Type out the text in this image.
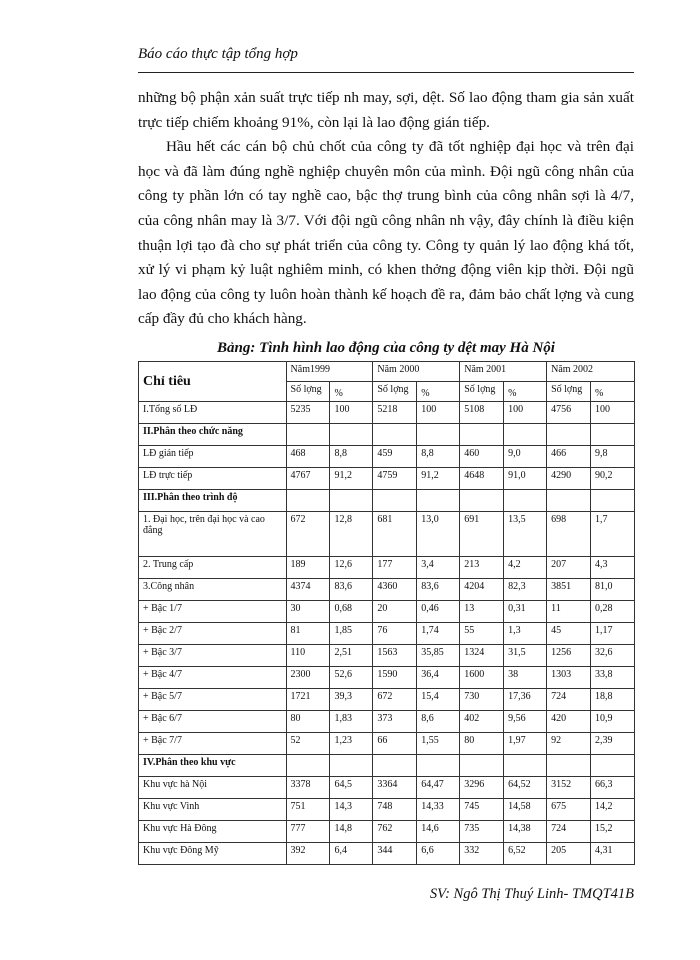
Báo cáo thực tập tổng hợp

những bộ phận xản suất trực tiếp nh may, sợi, dệt. Số lao động tham gia sản xuất trực tiếp chiếm khoảng 91%, còn lại là lao động gián tiếp.

Hầu hết các cán bộ chủ chốt của công ty đã tốt nghiệp đại học và trên đại học và đã làm đúng nghề nghiệp chuyên môn của mình. Đội ngũ công nhân của công ty phần lớn có tay nghề cao, bậc thợ trung bình của công nhân sợi là 4/7, của công nhân may là 3/7. Với đội ngũ công nhân nh vậy, đây chính là điều kiện thuận lợi tạo đà cho sự phát triển của công ty. Công ty quản lý lao động khá tốt, xử lý vi phạm kỷ luật nghiêm minh, có khen thởng động viên kịp thời. Đội ngũ lao động của công ty luôn hoàn thành kế hoạch đề ra, đảm bảo chất lợng và cung cấp đầy đủ cho khách hàng.

Bảng: Tình hình lao động của công ty dệt may Hà Nội
Chỉ tiêu	Năm1999		Năm 2000		Năm 2001		Năm 2002	
	Số lợng	%	Số lợng	%	Số lợng	%	Số lợng	%
I.Tổng số LĐ	5235	100	5218	100	5108	100	4756	100
II.Phân theo chức năng								
LĐ gián tiếp	468	8,8	459	8,8	460	9,0	466	9,8
LĐ trực tiếp	4767	91,2	4759	91,2	4648	91,0	4290	90,2
III.Phân theo trình độ								
1. Đại học, trên đại học và cao đẳng	672	12,8	681	13,0	691	13,5	698	1,7
2. Trung cấp	189	12,6	177	3,4	213	4,2	207	4,3
3.Công nhân	4374	83,6	4360	83,6	4204	82,3	3851	81,0
+ Bậc 1/7	30	0,68	20	0,46	13	0,31	11	0,28
+ Bậc 2/7	81	1,85	76	1,74	55	1,3	45	1,17
+ Bậc 3/7	110	2,51	1563	35,85	1324	31,5	1256	32,6
+ Bậc 4/7	2300	52,6	1590	36,4	1600	38	1303	33,8
+ Bậc 5/7	1721	39,3	672	15,4	730	17,36	724	18,8
+ Bậc 6/7	80	1,83	373	8,6	402	9,56	420	10,9
+ Bậc 7/7	52	1,23	66	1,55	80	1,97	92	2,39
IV.Phân theo khu vực								
Khu vực hà Nội	3378	64,5	3364	64,47	3296	64,52	3152	66,3
Khu vực Vinh	751	14,3	748	14,33	745	14,58	675	14,2
Khu vực Hà Đông	777	14,8	762	14,6	735	14,38	724	15,2
Khu vực Đông Mỹ	392	6,4	344	6,6	332	6,52	205	4,31
SV: Ngô Thị Thuý Linh- TMQT41B
